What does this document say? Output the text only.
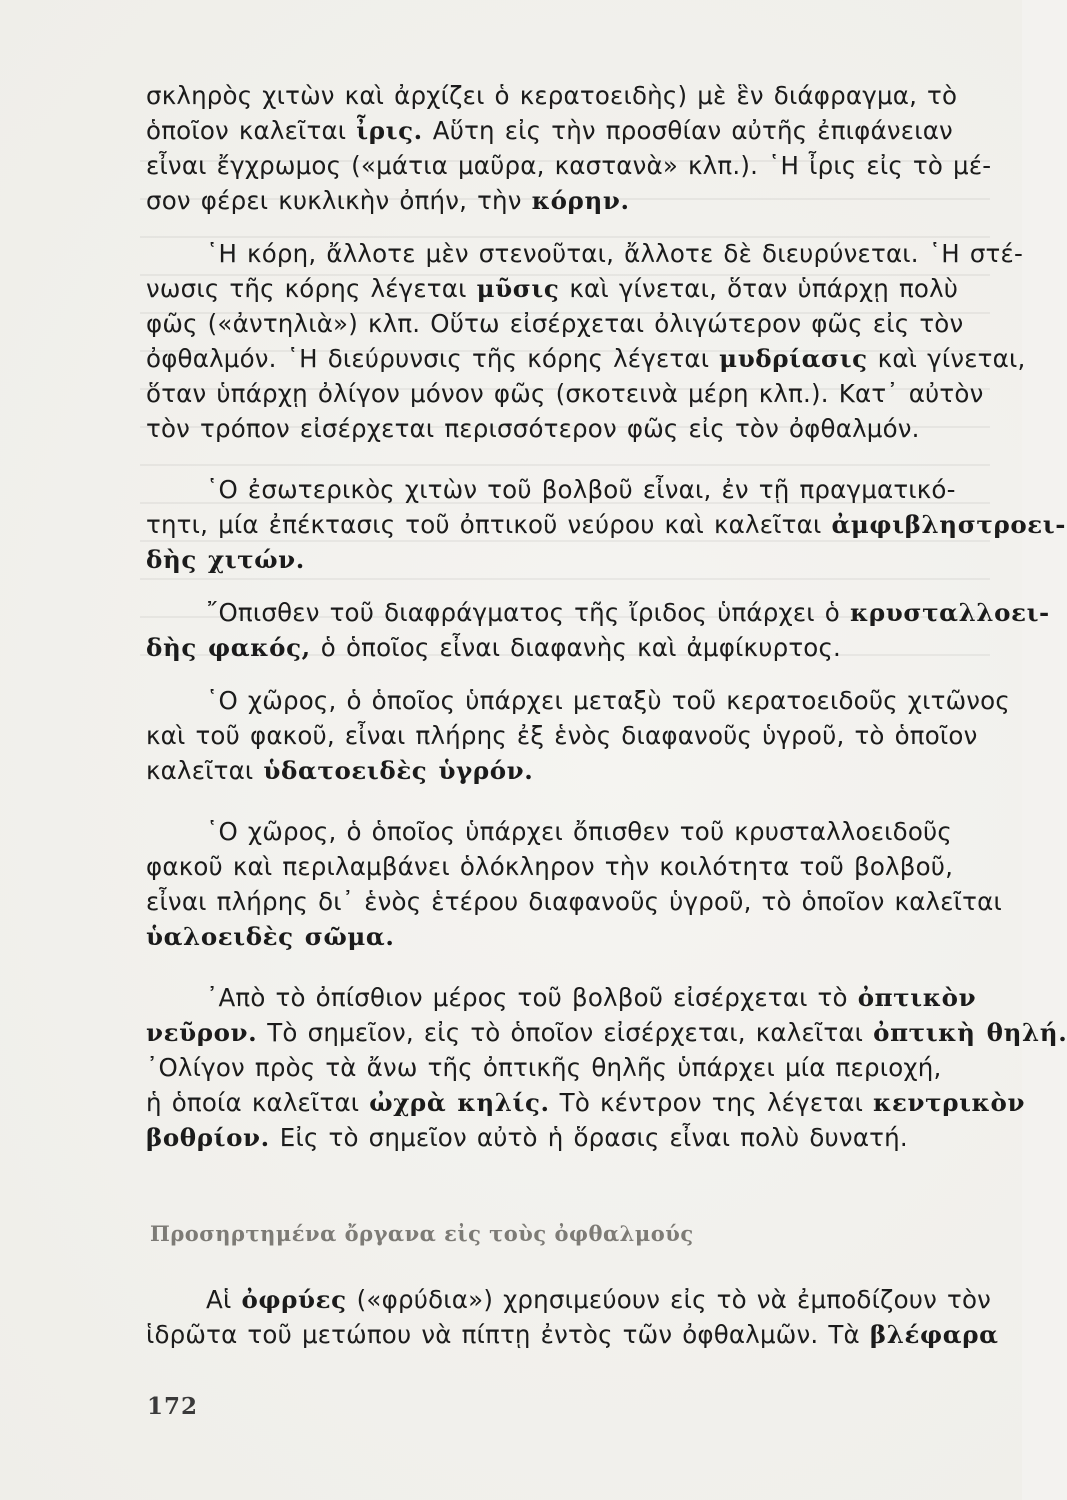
σκληρὸς χιτὼν καὶ ἀρχίζει ὁ κερατοειδὴς) μὲ ἓν διάφραγμα, τὸ
ὁποῖον καλεῖται ἶρις. Αὕτη εἰς τὴν προσθίαν αὐτῆς ἐπιφάνειαν
εἶναι ἔγχρωμος («μάτια μαῦρα, καστανὰ» κλπ.). ῾Η ἶρις εἰς τὸ μέ-
σον φέρει κυκλικὴν ὀπήν, τὴν κόρην.
῾Η κόρη, ἄλλοτε μὲν στενοῦται, ἄλλοτε δὲ διευρύνεται. ῾Η στέ-
νωσις τῆς κόρης λέγεται μῦσις καὶ γίνεται, ὅταν ὑπάρχῃ πολὺ
φῶς («ἀντηλιὰ») κλπ. Οὕτω εἰσέρχεται ὀλιγώτερον φῶς εἰς τὸν
ὀφθαλμόν. ῾Η διεύρυνσις τῆς κόρης λέγεται μυδρίασις καὶ γίνεται,
ὅταν ὑπάρχῃ ὀλίγον μόνον φῶς (σκοτεινὰ μέρη κλπ.). Κατ᾽ αὐτὸν
τὸν τρόπον εἰσέρχεται περισσότερον φῶς εἰς τὸν ὀφθαλμόν.
῾Ο ἐσωτερικὸς χιτὼν τοῦ βολβοῦ εἶναι, ἐν τῇ πραγματικό-
τητι, μία ἐπέκτασις τοῦ ὀπτικοῦ νεύρου καὶ καλεῖται ἀμφιβληστροει-
δὴς χιτών.
῎Οπισθεν τοῦ διαφράγματος τῆς ἴριδος ὑπάρχει ὁ κρυσταλλοει-
δὴς φακός, ὁ ὁποῖος εἶναι διαφανὴς καὶ ἀμφίκυρτος.
῾Ο χῶρος, ὁ ὁποῖος ὑπάρχει μεταξὺ τοῦ κερατοειδοῦς χιτῶνος
καὶ τοῦ φακοῦ, εἶναι πλήρης ἐξ ἑνὸς διαφανοῦς ὑγροῦ, τὸ ὁποῖον
καλεῖται ὑδατοειδὲς ὑγρόν.
῾Ο χῶρος, ὁ ὁποῖος ὑπάρχει ὄπισθεν τοῦ κρυσταλλοειδοῦς
φακοῦ καὶ περιλαμβάνει ὁλόκληρον τὴν κοιλότητα τοῦ βολβοῦ,
εἶναι πλήρης δι᾽ ἑνὸς ἑτέρου διαφανοῦς ὑγροῦ, τὸ ὁποῖον καλεῖται
ὑαλοειδὲς σῶμα.
᾽Απὸ τὸ ὀπίσθιον μέρος τοῦ βολβοῦ εἰσέρχεται τὸ ὀπτικὸν
νεῦρον. Τὸ σημεῖον, εἰς τὸ ὁποῖον εἰσέρχεται, καλεῖται ὀπτικὴ θηλή.
᾽Ολίγον πρὸς τὰ ἄνω τῆς ὀπτικῆς θηλῆς ὑπάρχει μία περιοχή,
ἡ ὁποία καλεῖται ὠχρὰ κηλίς. Τὸ κέντρον της λέγεται κεντρικὸν
βοθρίον. Εἰς τὸ σημεῖον αὐτὸ ἡ ὅρασις εἶναι πολὺ δυνατή.
Προσηρτημένα ὄργανα εἰς τοὺς ὀφθαλμούς
Αἱ ὀφρύες («φρύδια») χρησιμεύουν εἰς τὸ νὰ ἐμποδίζουν τὸν
ἱδρῶτα τοῦ μετώπου νὰ πίπτῃ ἐντὸς τῶν ὀφθαλμῶν. Τὰ βλέφαρα
172
